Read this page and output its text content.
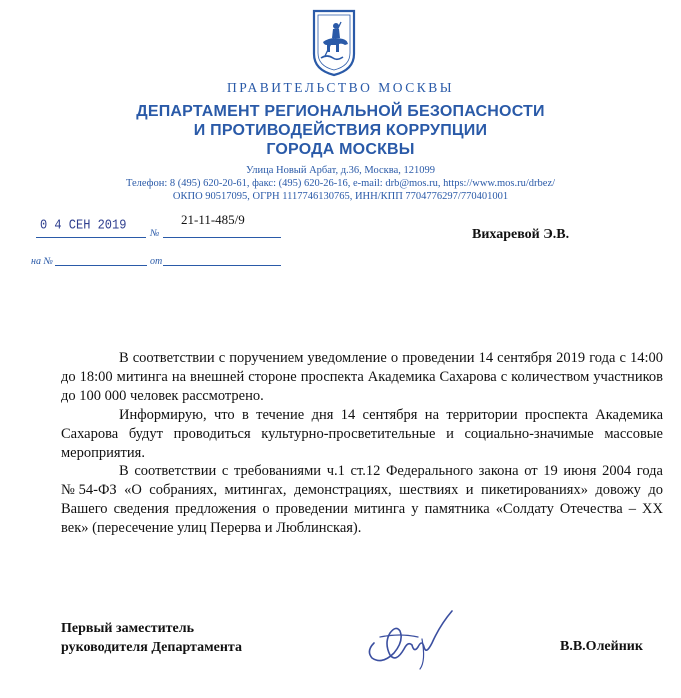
ПРАВИТЕЛЬСТВО МОСКВЫ
ДЕПАРТАМЕНТ РЕГИОНАЛЬНОЙ БЕЗОПАСНОСТИ
И ПРОТИВОДЕЙСТВИЯ КОРРУПЦИИ
ГОРОДА МОСКВЫ
Улица Новый Арбат, д.36, Москва, 121099
Телефон: 8 (495) 620-20-61, факс: (495) 620-26-16, e-mail: drb@mos.ru, https://www.mos.ru/drbez/
ОКПО 90517095, ОГРН 1117746130765, ИНН/КПП 7704776297/770401001
0 4 СЕН 2019	21-11-485/9
№
на №	от
Вихаревой Э.В.

В соответствии с поручением уведомление о проведении 14 сентября 2019 года с 14:00 до 18:00 митинга на внешней стороне проспекта Академика Сахарова с количеством участников до 100 000 человек рассмотрено.

Информирую, что в течение дня 14 сентября на территории проспекта Академика Сахарова будут проводиться культурно-просветительные и социально-значимые массовые мероприятия.

В соответствии с требованиями ч.1 ст.12 Федерального закона от 19 июня 2004 года №54-ФЗ «О собраниях, митингах, демонстрациях, шествиях и пикетированиях» довожу до Вашего сведения предложения о проведении митинга у памятника «Солдату Отечества – XX век» (пересечение улиц Перерва и Люблинская).

Первый заместитель
руководителя Департамента	В.В.Олейник
